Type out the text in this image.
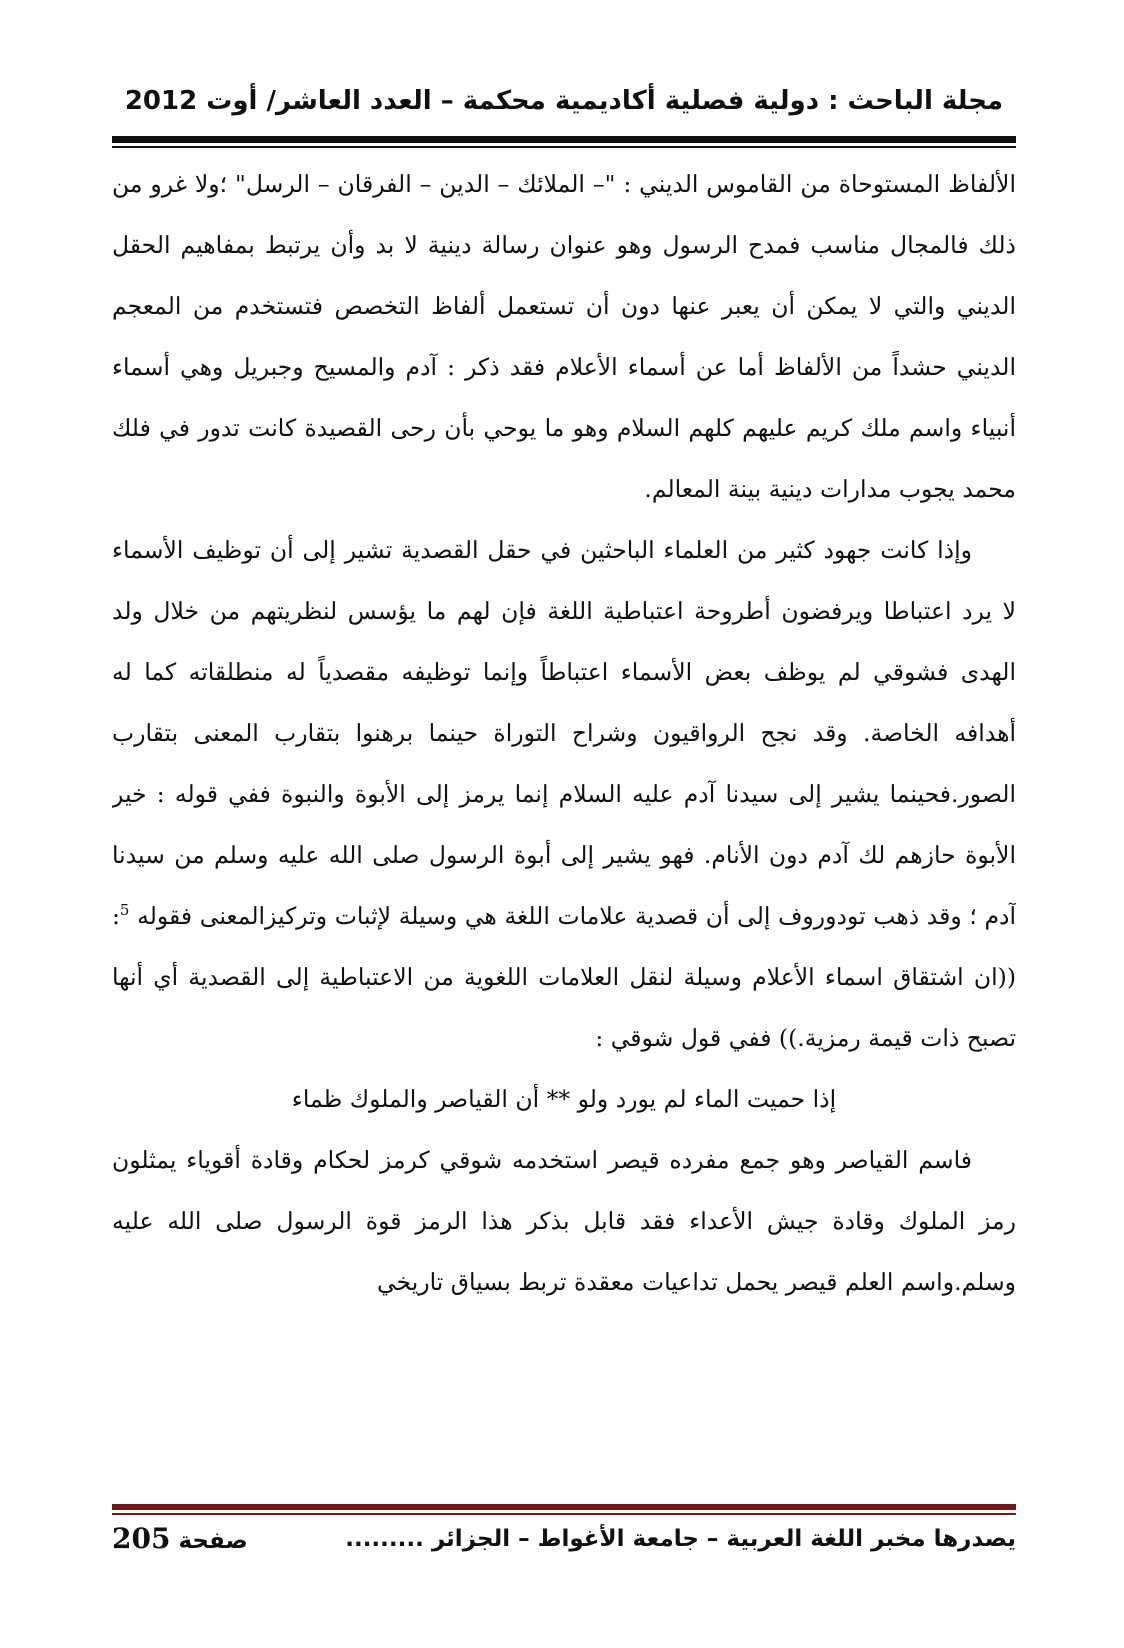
مجلة الباحث : دولية فصلية أكاديمية محكمة – العدد العاشر/ أوت 2012

الألفاظ المستوحاة من القاموس الديني : "– الملائك – الدين – الفرقان – الرسل" ؛ولا غرو من ذلك فالمجال مناسب فمدح الرسول وهو عنوان رسالة دينية لا بد وأن يرتبط بمفاهيم الحقل الديني والتي لا يمكن أن يعبر عنها دون أن تستعمل ألفاظ التخصص فتستخدم من المعجم الديني حشداً من الألفاظ أما عن أسماء الأعلام فقد ذكر : آدم والمسيح وجبريل وهي أسماء أنبياء واسم ملك كريم عليهم كلهم السلام وهو ما يوحي بأن رحى القصيدة كانت تدور في فلك محمد يجوب مدارات دينية بينة المعالم.

وإذا كانت جهود كثير من العلماء الباحثين في حقل القصدية تشير إلى أن توظيف الأسماء لا يرد اعتباطا ويرفضون أطروحة اعتباطية اللغة فإن لهم ما يؤسس لنظريتهم من خلال ولد الهدى فشوقي لم يوظف بعض الأسماء اعتباطاً وإنما توظيفه مقصدياً له منطلقاته كما له أهدافه الخاصة. وقد نجح الرواقيون وشراح التوراة حينما برهنوا بتقارب المعنى بتقارب الصور.فحينما يشير إلى سيدنا آدم عليه السلام إنما يرمز إلى الأبوة والنبوة ففي قوله : خير الأبوة حازهم لك آدم دون الأنام. فهو يشير إلى أبوة الرسول صلى الله عليه وسلم من سيدنا آدم ؛ وقد ذهب تودوروف إلى أن قصدية علامات اللغة هي وسيلة لإثبات وتركيزالمعنى فقوله $^5$:((ان اشتقاق اسماء الأعلام وسيلة لنقل العلامات اللغوية من الاعتباطية إلى القصدية أي أنها تصبح ذات قيمة رمزية.)) ففي قول شوقي :

إذا حميت الماء لم يورد ولو ** أن القياصر والملوك ظماء

فاسم القياصر وهو جمع مفرده قيصر استخدمه شوقي كرمز لحكام وقادة أقوياء يمثلون رمز الملوك وقادة جيش الأعداء فقد قابل بذكر هذا الرمز قوة الرسول صلى الله عليه وسلم.واسم العلم قيصر يحمل تداعيات معقدة تربط بسياق تاريخي

يصدرها مخبر اللغة العربية – جامعة الأغواط – الجزائر .........
صفحة 205
